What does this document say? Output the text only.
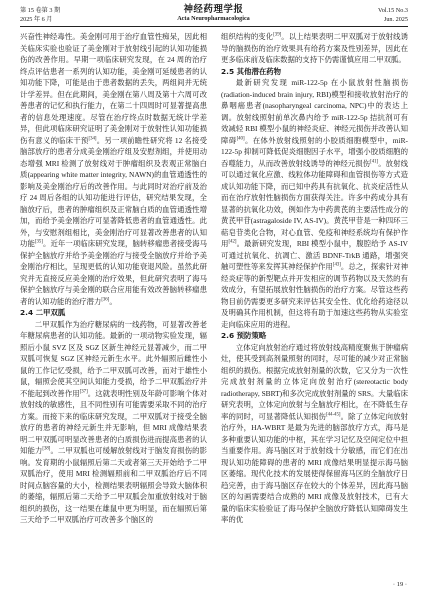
第 15 卷第 3 期
2025 年 6 月
神经药理学报
Acta Neuropharmacologica
Vol.15 No.3
Jun. 2025

兴奋性神经毒性。美金刚可用于治疗血管性痴呆，因此相关临床实验也验证了美金刚对于放射线引起的认知功能损伤的改善作用。早期一项临床研究发现，在 24 周的治疗终点评估患者一系列的认知功能，美金刚可延缓患者的认知功能下降，可能是由于患者数据的丢失，两组间并无统计学差异。但在此期间，美金刚在第八周及第十六周可改善患者的记忆和执行能力，在第二十四周时可显著提高患者的信息处理速度。尽管在治疗终点时数据无统计学差异，但此项临床研究证明了美金刚对于放射性认知功能损伤有意义的临床干预[34]。另一项前瞻性研究将 12 名接受脑部放疗的患者分成美金刚治疗组及安慰剂组，并使用动态增强 MRI 检测了放射线对于肿瘤组织及表观正常脑白质(appearing white matter integrity, NAWN)的血管通透性的影响及美金刚治疗后的改善作用。与此同时对治疗前及治疗 24 周后各组的认知功能进行评估，研究结果发现，全脑放疗后，患者的肿瘤组织及正常脑白质的血管通透性增加，而给予美金刚治疗可显著降低患者的血管通透性。此外，与安慰剂组相比，美金刚治疗可显著改善患者的认知功能[35]。近年一项临床研究发现，脑转移瘤患者接受海马保护全脑放疗并给予美金刚治疗与接受全脑放疗并给予美金刚治疗相比，呈现更低的认知功能衰退风险。虽然此研究并无直接反应美金刚的治疗效果，但此研究表明了海马保护全脑放疗与美金刚的联合应用能有效改善脑转移瘤患者的认知功能的治疗潜力[36]。

2.4 二甲双胍

二甲双胍作为治疗糖尿病的一线药物，可显著改善老年糖尿病患者的认知功能。最新的一项动物实验发现，辐照后小鼠 SVZ 区及 SGZ 区新生神经元显著减少，而二甲双胍可恢复 SGZ 区神经元新生水平。此外辐照后雌性小鼠的工作记忆受损，给予二甲双胍可改善，而对于雄性小鼠，辐照会使其空间认知能力受损，给予二甲双胍治疗并不能起到改善作用[37]。这就表明性别及年龄可影响个体对放射线的敏感性，且不同性别有可能需要采取不同的治疗方案。而接下来的临床研究发现，二甲双胍对于接受全脑放疗的患者的神经元新生并无影响，但 MRI 成像结果表明二甲双胍可明显改善患者的白质损伤进而提高患者的认知能力[38]。二甲双胍也可缓解放射线对于脑发育损伤的影响。发育期的小鼠辐照后第二天或者第三天开始给予二甲双胍治疗，使用 MRI 检测辐照前和二甲双胍治疗后不同时间点脑容量的大小，检测结果表明辐照会导致大脑体积的萎缩，辐照后第二天给予二甲双胍会加重放射线对于脑组织的损伤，这一结果在雄鼠中更为明显，而在辐照后第三天给予二甲双胍治疗可改善多个脑区的

组织结构的变化[39]。以上结果表明二甲双胍对于放射线诱导的脑损伤的治疗效果具有给药方案及性别差异，因此在更多临床前及临床数据的支持下仍需谨慎应用二甲双胍。

2.5 其他潜在药物

最新研究发现 miR-122-5p 在小鼠放射性脑损伤(radiation-induced brain injury, RBI)模型和接收放射治疗的鼻咽癌患者(nasopharyngeal carcinoma, NPC)中的表达上调。放射线照射前单次鼻内给予 miR-122-5p 拮抗剂可有效减轻 RBI 模型小鼠的神经炎症、神经元损伤并改善认知障碍[40]。在体外放射线照射的小胶质细胞模型中，miR-122-5p 抑制可降低促炎细胞因子水平，增强小胶质细胞的吞噬能力，从而改善放射线诱导的神经元损伤[41]。放射线可以通过氧化应激、线粒体功能障碍和血管损伤等方式造成认知功能下降，而已知中药具有抗氧化、抗炎症活性从而在治疗放射性脑损伤方面获得关注。许多中药成分具有显著的抗氧化功效，例如作为中药黄芪的主要活性成分的黄芪甲苷(astragaloside IV, AS-IV)。黄芪甲苷是一种四环三萜皂苷类化合物，对心血管、免疫和神经系统均有保护作用[42]。最新研究发现，RBI 模型小鼠中，腹腔给予 AS-IV 可通过抗氧化、抗凋亡、激活 BDNF-TrkB 通路，增强突触可塑性等来发挥其神经保护作用[43]。总之，探索针对神经炎症等的新型靶点并开发相应的调节药物以及天然的有效成分，有望拓展放射性脑损伤的治疗方案。尽管这些药物目前仍需要更多研究来评估其安全性、优化给药途径以及明确其作用机制，但这将有助于加速这些药物从实验室走向临床应用的进程。

2.6 预防策略

立体定向放射治疗通过将放射线高精度聚焦于肿瘤病灶，使其受到高剂量照射的同时，尽可能的减少对正常脑组织的损伤。根据完成放射剂量的次数，它又分为一次性完成放射剂量的立体定向放射治疗(stereotactic body radiotherapy, SBRT)和多次完成放射剂量的 SRS。大量临床研究表明，立体定向放射与全脑放疗相比，在不降低生存率的同时，可显著降低认知损伤[44-45]。除了立体定向放射治疗外，HA-WBRT 是最为先进的脑部放疗方式，海马是多种重要认知功能的中枢，其在学习记忆及空间定位中担当重要作用。海马脑区对于放射线十分敏感，而它们在出现认知功能障碍的患者的 MRI 成像结果明显提示海马脑区萎缩。现代化技术的发展使得保留海马区的全脑放疗日趋完善，由于海马脑区存在较大的个体差异，因此海马脑区的勾画需要结合成熟的 MRI 成像及放射技术，已有大量的临床实验验证了海马保护全脑放疗降低认知障碍发生率的优

· 19 ·
